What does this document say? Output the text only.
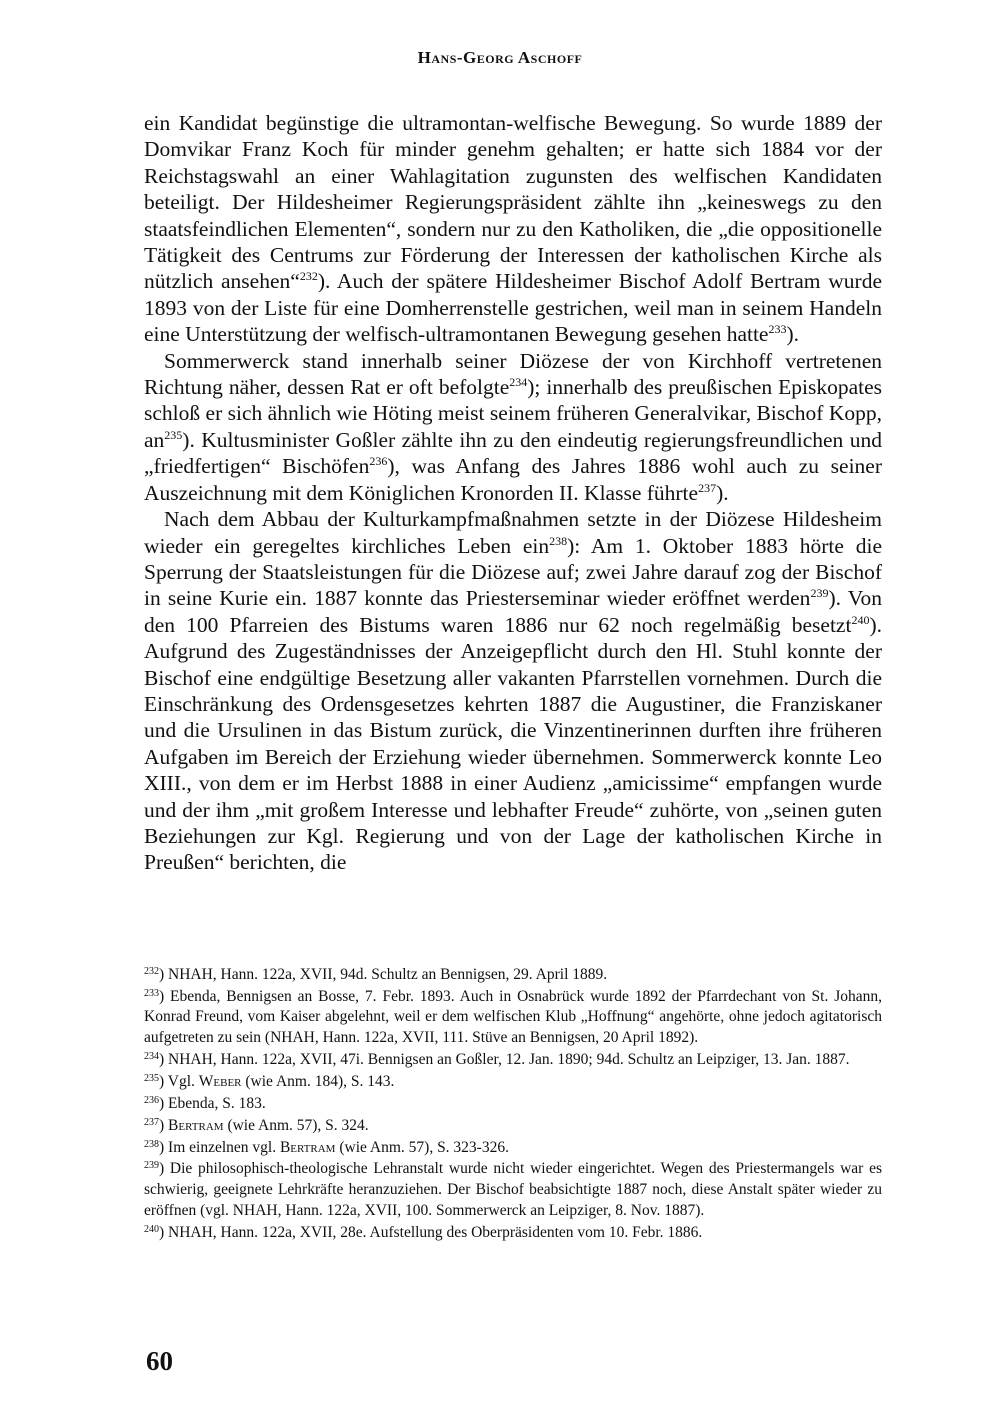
Hans-Georg Aschoff

ein Kandidat begünstige die ultramontan-welfische Bewegung. So wurde 1889 der Domvikar Franz Koch für minder genehm gehalten; er hatte sich 1884 vor der Reichstagswahl an einer Wahlagitation zugunsten des welfischen Kandidaten beteiligt. Der Hildesheimer Regierungspräsident zählte ihn „keineswegs zu den staatsfeindlichen Elementen“, sondern nur zu den Katholiken, die „die oppositionelle Tätigkeit des Centrums zur Förderung der Interessen der katholischen Kirche als nützlich ansehen“$^{232}$). Auch der spätere Hildesheimer Bischof Adolf Bertram wurde 1893 von der Liste für eine Domherrenstelle gestrichen, weil man in seinem Handeln eine Unterstützung der welfisch-ultramontanen Bewegung gesehen hatte$^{233}$).

Sommerwerck stand innerhalb seiner Diözese der von Kirchhoff vertretenen Richtung näher, dessen Rat er oft befolgte$^{234}$); innerhalb des preußischen Episkopates schloß er sich ähnlich wie Höting meist seinem früheren Generalvikar, Bischof Kopp, $an^{235}$). Kultusminister Goßler zählte ihn zu den eindeutig regierungsfreundlichen und „friedfertigen“ Bischöfen$^{236}$), was Anfang des Jahres 1886 wohl auch zu seiner Auszeichnung mit dem Königlichen Kronorden II. Klasse führte$^{237}$).

Nach dem Abbau der Kulturkampfmaßnahmen setzte in der Diözese Hildesheim wieder ein geregeltes kirchliches Leben ein$^{238}$): Am 1. Oktober 1883 hörte die Sperrung der Staatsleistungen für die Diözese auf; zwei Jahre darauf zog der Bischof in seine Kurie ein. 1887 konnte das Priesterseminar wieder eröffnet werden$^{239}$). Von den 100 Pfarreien des Bistums waren 1886 nur 62 noch regelmäßig besetzt$^{240}$). Aufgrund des Zugeständnisses der Anzeigepflicht durch den Hl. Stuhl konnte der Bischof eine endgültige Besetzung aller vakanten Pfarrstellen vornehmen. Durch die Einschränkung des Ordensgesetzes kehrten 1887 die Augustiner, die Franziskaner und die Ursulinen in das Bistum zurück, die Vinzentinerinnen durften ihre früheren Aufgaben im Bereich der Erziehung wieder übernehmen. Sommerwerck konnte Leo XIII., von dem er im Herbst 1888 in einer Audienz „amicissime“ empfangen wurde und der ihm „mit großem Interesse und lebhafter Freude“ zuhörte, von „seinen guten Beziehungen zur Kgl. Regierung und von der Lage der katholischen Kirche in Preußen“ berichten, die

$^{232}$) NHAH, Hann. 122a, XVII, 94d. Schultz an Bennigsen, 29. April 1889.
$^{233}$) Ebenda, Bennigsen an Bosse, 7. Febr. 1893. Auch in Osnabrück wurde 1892 der Pfarrdechant von St. Johann, Konrad Freund, vom Kaiser abgelehnt, weil er dem welfischen Klub „Hoffnung“ angehörte, ohne jedoch agitatorisch aufgetreten zu sein (NHAH, Hann. 122a, XVII, 111. Stüve an Bennigsen, 20 April 1892).
$^{234}$) NHAH, Hann. 122a, XVII, 47i. Bennigsen an Goßler, 12. Jan. 1890; 94d. Schultz an Leipziger, 13. Jan. 1887.
$^{235}$) Vgl. Weber (wie Anm. 184), S. 143.
$^{236}$) Ebenda, S. 183.
$^{237}$) Bertram (wie Anm. 57), S. 324.
$^{238}$) Im einzelnen vgl. Bertram (wie Anm. 57), S. 323-326.
$^{239}$) Die philosophisch-theologische Lehranstalt wurde nicht wieder eingerichtet. Wegen des Priestermangels war es schwierig, geeignete Lehrkräfte heranzuziehen. Der Bischof beabsichtigte 1887 noch, diese Anstalt später wieder zu eröffnen (vgl. NHAH, Hann. 122a, XVII, 100. Sommerwerck an Leipziger, 8. Nov. 1887).
$^{240}$) NHAH, Hann. 122a, XVII, 28e. Aufstellung des Oberpräsidenten vom 10. Febr. 1886.
60
